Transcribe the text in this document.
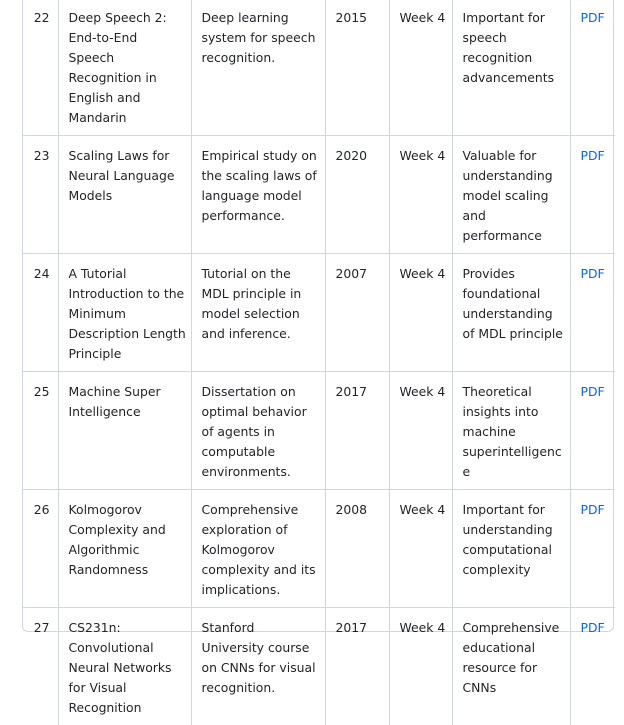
22	Deep Speech 2: End-to-End Speech Recognition in English and Mandarin	Deep learning system for speech recognition.	2015	Week 4	Important for speech recognition advancements	PDF
23	Scaling Laws for Neural Language Models	Empirical study on the scaling laws of language model performance.	2020	Week 4	Valuable for understanding model scaling and performance	PDF
24	A Tutorial Introduction to the Minimum Description Length Principle	Tutorial on the MDL principle in model selection and inference.	2007	Week 4	Provides foundational understanding of MDL principle	PDF
25	Machine Super Intelligence	Dissertation on optimal behavior of agents in computable environments.	2017	Week 4	Theoretical insights into machine superintelligence	PDF
26	Kolmogorov Complexity and Algorithmic Randomness	Comprehensive exploration of Kolmogorov complexity and its implications.	2008	Week 4	Important for understanding computational complexity	PDF
27	CS231n: Convolutional Neural Networks for Visual Recognition	Stanford University course on CNNs for visual recognition.	2017	Week 4	Comprehensive educational resource for CNNs	PDF
